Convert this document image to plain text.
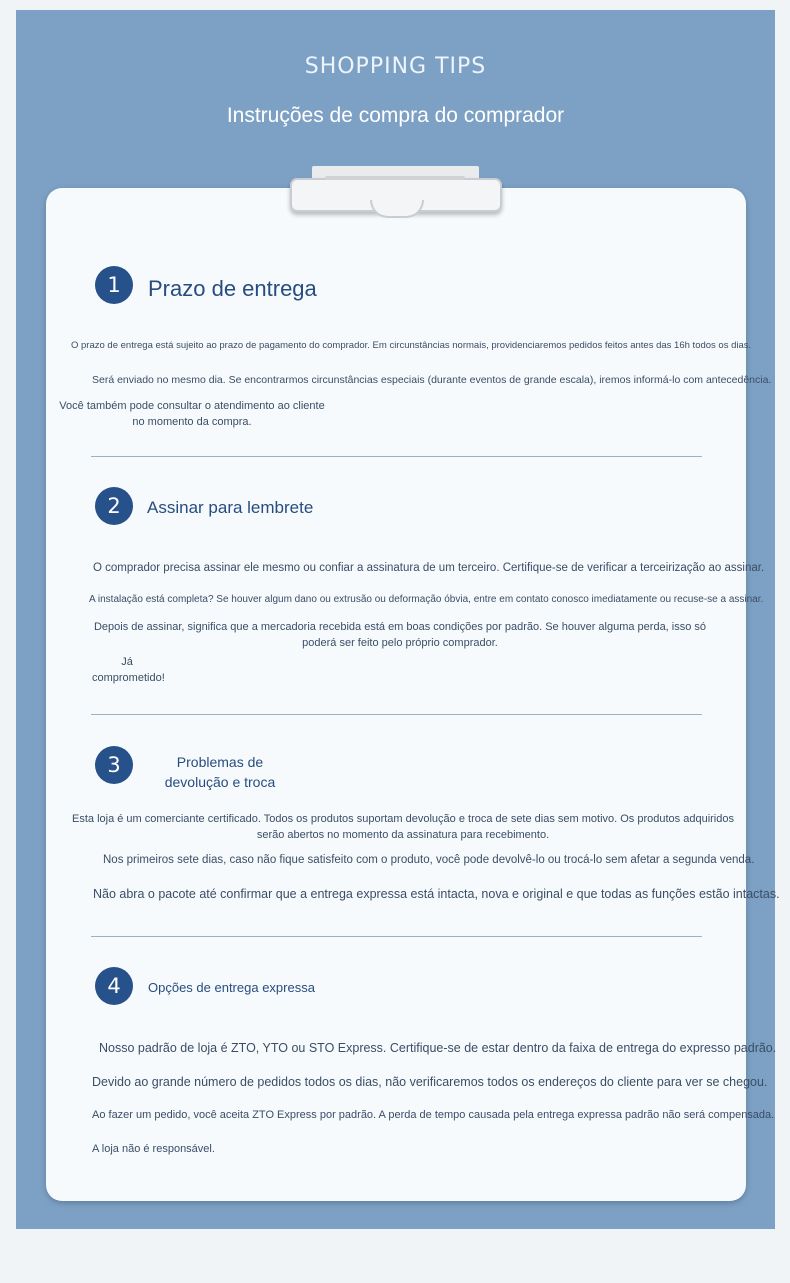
SHOPPING TIPS
Instruções de compra do comprador
1	Prazo de entrega
O prazo de entrega está sujeito ao prazo de pagamento do comprador. Em circunstâncias normais, providenciaremos pedidos feitos antes das 16h todos os dias.
Será enviado no mesmo dia. Se encontrarmos circunstâncias especiais (durante eventos de grande escala), iremos informá-lo com antecedência.
Você também pode consultar o atendimento ao cliente no momento da compra.
2	Assinar para lembrete
O comprador precisa assinar ele mesmo ou confiar a assinatura de um terceiro. Certifique-se de verificar a terceirização ao assinar.
A instalação está completa? Se houver algum dano ou extrusão ou deformação óbvia, entre em contato conosco imediatamente ou recuse-se a assinar.
Depois de assinar, significa que a mercadoria recebida está em boas condições por padrão. Se houver alguma perda, isso só poderá ser feito pelo próprio comprador.
Já comprometido!
3	Problemas de devolução e troca
Esta loja é um comerciante certificado. Todos os produtos suportam devolução e troca de sete dias sem motivo. Os produtos adquiridos serão abertos no momento da assinatura para recebimento.
Nos primeiros sete dias, caso não fique satisfeito com o produto, você pode devolvê-lo ou trocá-lo sem afetar a segunda venda.
Não abra o pacote até confirmar que a entrega expressa está intacta, nova e original e que todas as funções estão intactas.
4	Opções de entrega expressa
Nosso padrão de loja é ZTO, YTO ou STO Express. Certifique-se de estar dentro da faixa de entrega do expresso padrão.
Devido ao grande número de pedidos todos os dias, não verificaremos todos os endereços do cliente para ver se chegou.
Ao fazer um pedido, você aceita ZTO Express por padrão. A perda de tempo causada pela entrega expressa padrão não será compensada.
A loja não é responsável.
